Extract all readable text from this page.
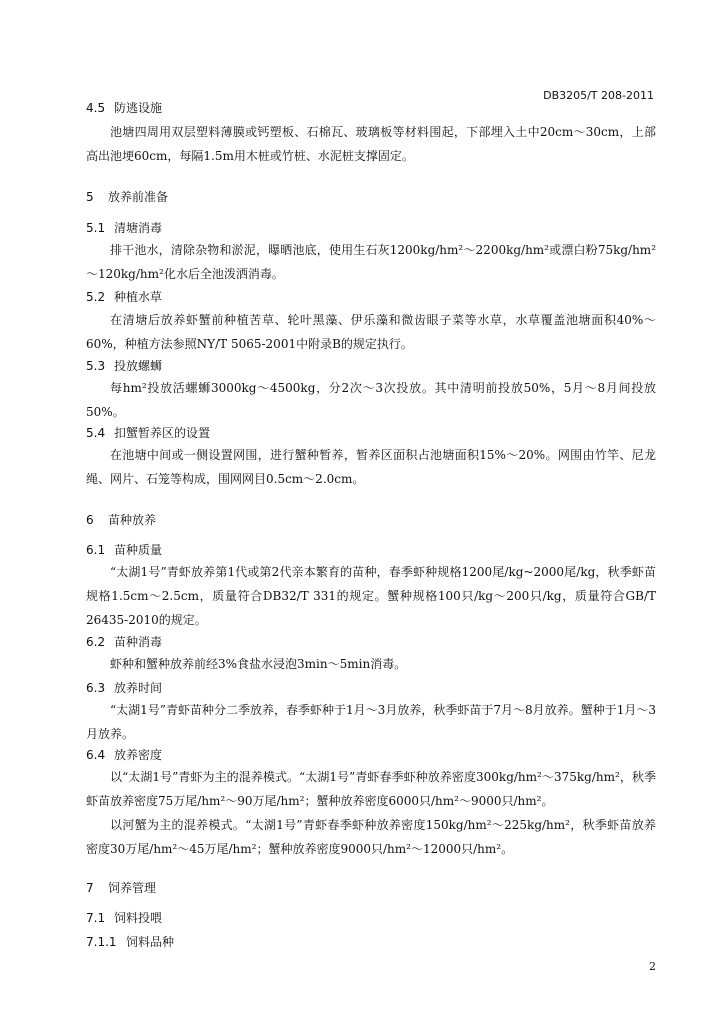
DB3205/T 208-2011
4.5 防逃设施
池塘四周用双层塑料薄膜或钙塑板、石棉瓦、玻璃板等材料围起，下部埋入土中20cm～30cm，上部高出池埂60cm，每隔1.5m用木桩或竹桩、水泥桩支撑固定。
5 放养前准备
5.1 清塘消毒
排干池水，清除杂物和淤泥，曝晒池底，使用生石灰1200kg/hm²～2200kg/hm²或漂白粉75kg/hm²～120kg/hm²化水后全池泼洒消毒。
5.2 种植水草
在清塘后放养虾蟹前种植苦草、轮叶黑藻、伊乐藻和微齿眼子菜等水草，水草覆盖池塘面积40%～60%，种植方法参照NY/T 5065-2001中附录B的规定执行。
5.3 投放螺蛳
每hm²投放活螺蛳3000kg～4500kg，分2次～3次投放。其中清明前投放50%，5月～8月间投放50%。
5.4 扣蟹暂养区的设置
在池塘中间或一侧设置网围，进行蟹种暂养，暂养区面积占池塘面积15%～20%。网围由竹竿、尼龙绳、网片、石笼等构成，围网网目0.5cm～2.0cm。
6 苗种放养
6.1 苗种质量
“太湖1号”青虾放养第1代或第2代亲本繁育的苗种，春季虾种规格1200尾/kg~2000尾/kg，秋季虾苗规格1.5cm～2.5cm，质量符合DB32/T 331的规定。蟹种规格100只/kg～200只/kg，质量符合GB/T 26435-2010的规定。
6.2 苗种消毒
虾种和蟹种放养前经3%食盐水浸泡3min～5min消毒。
6.3 放养时间
“太湖1号”青虾苗种分二季放养，春季虾种于1月～3月放养，秋季虾苗于7月～8月放养。蟹种于1月～3月放养。
6.4 放养密度
以“太湖1号”青虾为主的混养模式。“太湖1号”青虾春季虾种放养密度300kg/hm²～375kg/hm²，秋季虾苗放养密度75万尾/hm²～90万尾/hm²；蟹种放养密度6000只/hm²～9000只/hm²。
以河蟹为主的混养模式。“太湖1号”青虾春季虾种放养密度150kg/hm²～225kg/hm²，秋季虾苗放养密度30万尾/hm²～45万尾/hm²；蟹种放养密度9000只/hm²～12000只/hm²。
7 饲养管理
7.1 饲料投喂
7.1.1 饲料品种
2
